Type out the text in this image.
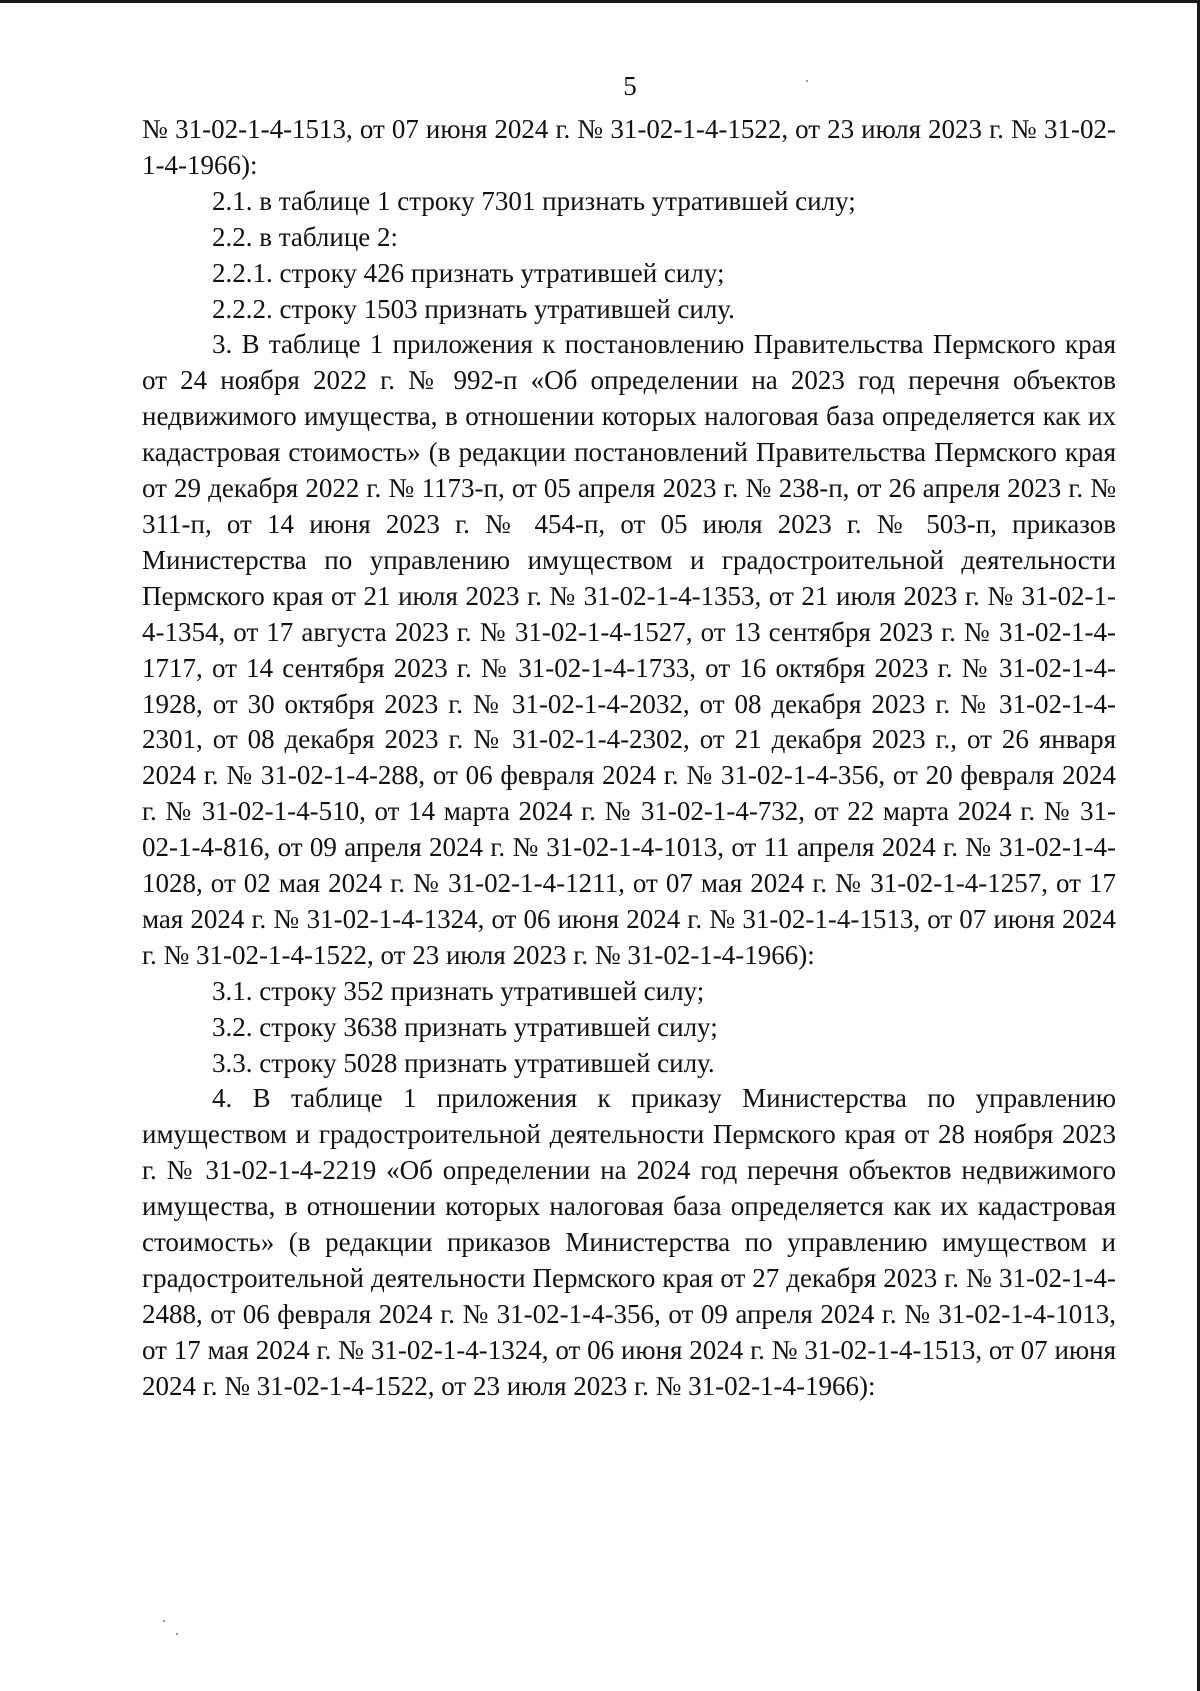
5

№ 31-02-1-4-1513, от 07 июня 2024 г. № 31-02-1-4-1522, от 23 июля 2023 г. № 31-02-1-4-1966):

2.1. в таблице 1 строку 7301 признать утратившей силу;

2.2. в таблице 2:

2.2.1. строку 426 признать утратившей силу;

2.2.2. строку 1503 признать утратившей силу.

3. В таблице 1 приложения к постановлению Правительства Пермского края от 24 ноября 2022 г. № 992-п «Об определении на 2023 год перечня объектов недвижимого имущества, в отношении которых налоговая база определяется как их кадастровая стоимость» (в редакции постановлений Правительства Пермского края от 29 декабря 2022 г. № 1173-п, от 05 апреля 2023 г. № 238-п, от 26 апреля 2023 г. № 311-п, от 14 июня 2023 г. № 454-п, от 05 июля 2023 г. № 503-п, приказов Министерства по управлению имуществом и градостроительной деятельности Пермского края от 21 июля 2023 г. № 31-02-1-4-1353, от 21 июля 2023 г. № 31-02-1-4-1354, от 17 августа 2023 г. № 31-02-1-4-1527, от 13 сентября 2023 г. № 31-02-1-4-1717, от 14 сентября 2023 г. № 31-02-1-4-1733, от 16 октября 2023 г. № 31-02-1-4-1928, от 30 октября 2023 г. № 31-02-1-4-2032, от 08 декабря 2023 г. № 31-02-1-4-2301, от 08 декабря 2023 г. № 31-02-1-4-2302, от 21 декабря 2023 г., от 26 января 2024 г. № 31-02-1-4-288, от 06 февраля 2024 г. № 31-02-1-4-356, от 20 февраля 2024 г. № 31-02-1-4-510, от 14 марта 2024 г. № 31-02-1-4-732, от 22 марта 2024 г. № 31-02-1-4-816, от 09 апреля 2024 г. № 31-02-1-4-1013, от 11 апреля 2024 г. № 31-02-1-4-1028, от 02 мая 2024 г. № 31-02-1-4-1211, от 07 мая 2024 г. № 31-02-1-4-1257, от 17 мая 2024 г. № 31-02-1-4-1324, от 06 июня 2024 г. № 31-02-1-4-1513, от 07 июня 2024 г. № 31-02-1-4-1522, от 23 июля 2023 г. № 31-02-1-4-1966):

3.1. строку 352 признать утратившей силу;

3.2. строку 3638 признать утратившей силу;

3.3. строку 5028 признать утратившей силу.

4. В таблице 1 приложения к приказу Министерства по управлению имуществом и градостроительной деятельности Пермского края от 28 ноября 2023 г. № 31-02-1-4-2219 «Об определении на 2024 год перечня объектов недвижимого имущества, в отношении которых налоговая база определяется как их кадастровая стоимость» (в редакции приказов Министерства по управлению имуществом и градостроительной деятельности Пермского края от 27 декабря 2023 г. № 31-02-1-4-2488, от 06 февраля 2024 г. № 31-02-1-4-356, от 09 апреля 2024 г. № 31-02-1-4-1013, от 17 мая 2024 г. № 31-02-1-4-1324, от 06 июня 2024 г. № 31-02-1-4-1513, от 07 июня 2024 г. № 31-02-1-4-1522, от 23 июля 2023 г. № 31-02-1-4-1966):
